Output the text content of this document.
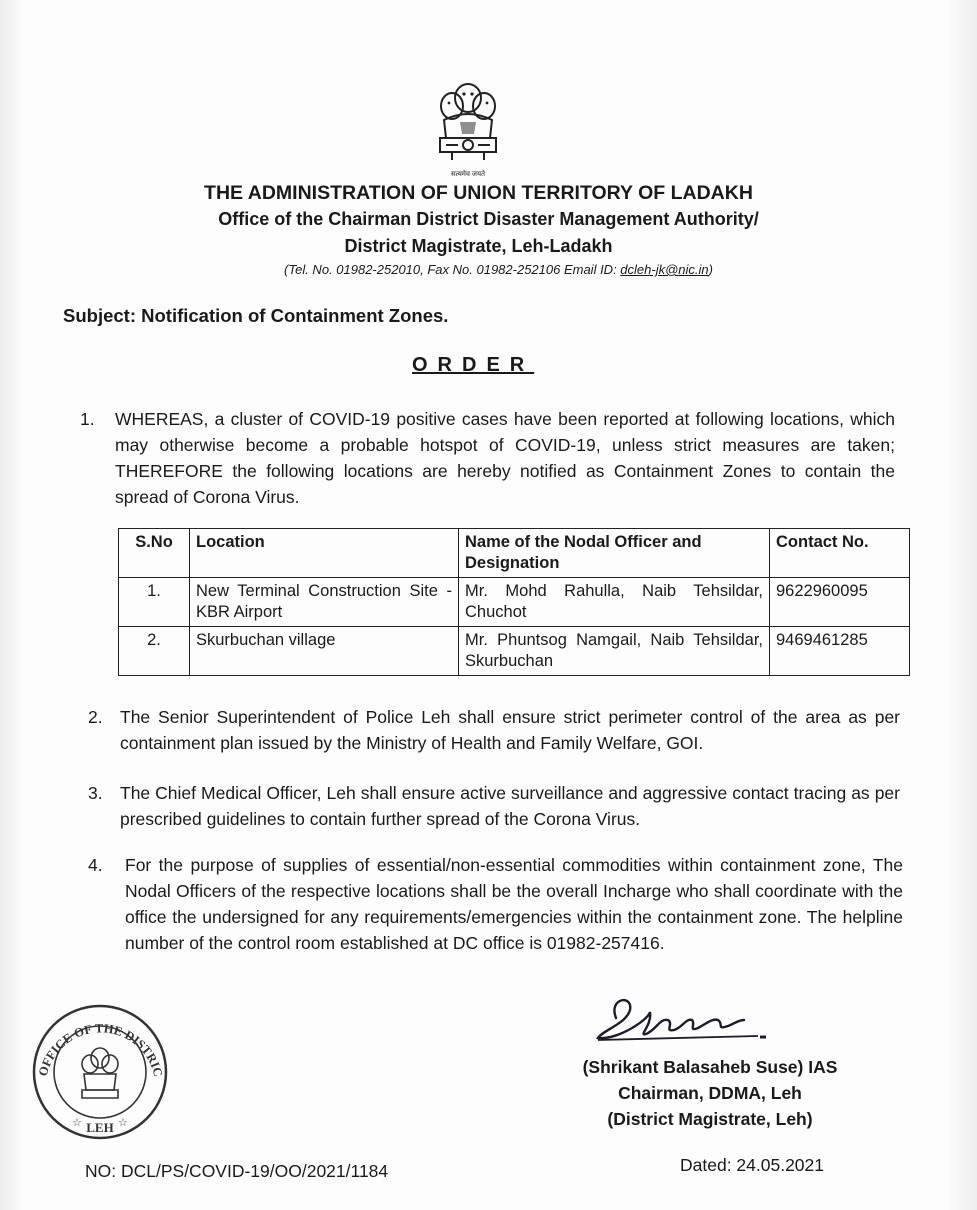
सत्यमेव जयते
THE ADMINISTRATION OF UNION TERRITORY OF LADAKH
Office of the Chairman District Disaster Management Authority/
District Magistrate, Leh-Ladakh
(Tel. No. 01982-252010, Fax No. 01982-252106 Email ID: dcleh-jk@nic.in)
Subject: Notification of Containment Zones.
ORDER
1. WHEREAS, a cluster of COVID-19 positive cases have been reported at following locations, which may otherwise become a probable hotspot of COVID-19, unless strict measures are taken; THEREFORE the following locations are hereby notified as Containment Zones to contain the spread of Corona Virus.
S.No	Location	Name of the Nodal Officer and Designation	Contact No.
1.	New Terminal Construction Site - KBR Airport	Mr. Mohd Rahulla, Naib Tehsildar, Chuchot	9622960095
2.	Skurbuchan village	Mr. Phuntsog Namgail, Naib Tehsildar, Skurbuchan	9469461285
2. The Senior Superintendent of Police Leh shall ensure strict perimeter control of the area as per containment plan issued by the Ministry of Health and Family Welfare, GOI.
3. The Chief Medical Officer, Leh shall ensure active surveillance and aggressive contact tracing as per prescribed guidelines to contain further spread of the Corona Virus.
4. For the purpose of supplies of essential/non-essential commodities within containment zone, The Nodal Officers of the respective locations shall be the overall Incharge who shall coordinate with the office the undersigned for any requirements/emergencies within the containment zone. The helpline number of the control room established at DC office is 01982-257416.
OFFICE OF THE DISTRIC
LEH
☆	☆
(Shrikant Balasaheb Suse) IAS
Chairman, DDMA, Leh
(District Magistrate, Leh)
NO: DCL/PS/COVID-19/OO/2021/1184	Dated: 24.05.2021
